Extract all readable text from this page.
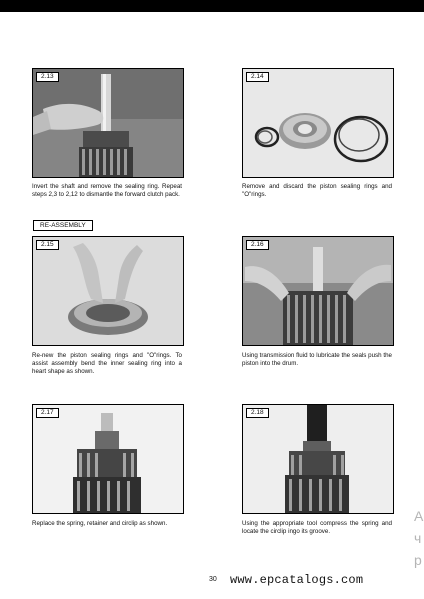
2.13
Invert the shaft and remove the sealing ring. Repeat steps 2,3 to 2,12 to dismantle the forward clutch pack.
2.14
Remove and discard the piston sealing rings and "O"rings.
RE-ASSEMBLY
2.15
Re-new the piston sealing rings and "O"rings. To assist assembly bend the inner sealing ring into a heart shape as shown.
2.16
Using transmission fluid to lubricate the seals push the piston into the drum.
2.17
Replace the spring, retainer and circlip as shown.
2.18
Using the appropriate tool compress the spring and locate the circlip ingo its groove.
30 www.epcatalogs.com
A
ч
p
